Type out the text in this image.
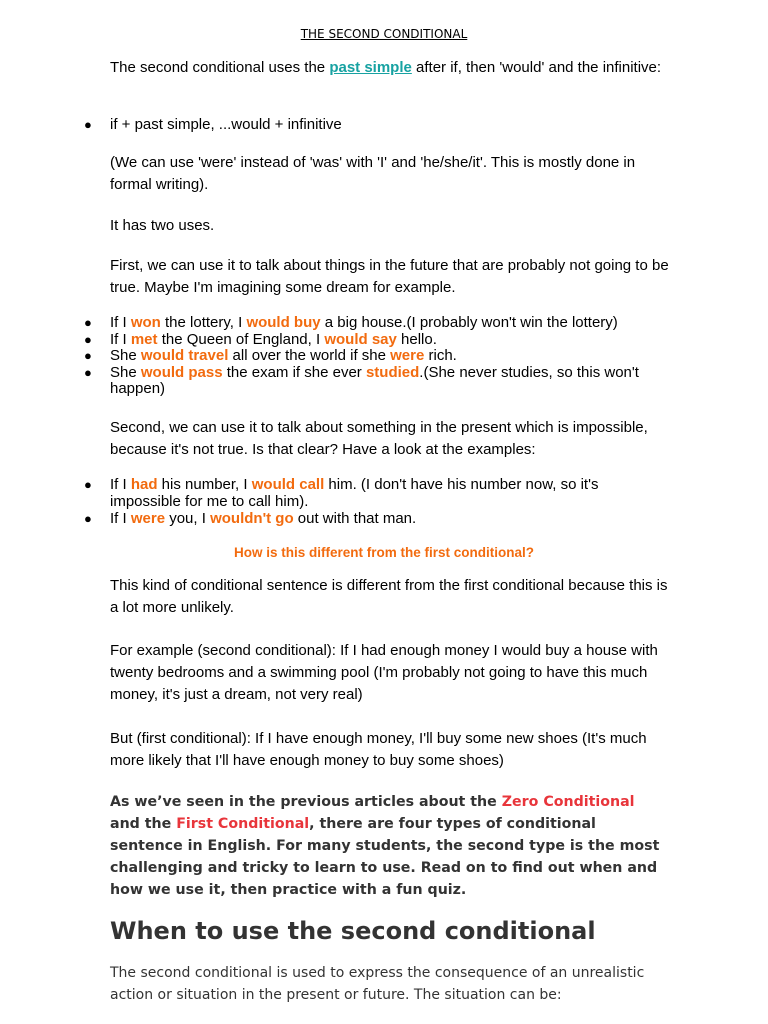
THE SECOND CONDITIONAL

The second conditional uses the past simple after if, then 'would' and the infinitive:

● if + past simple, ...would + infinitive

(We can use 'were' instead of 'was' with 'I' and 'he/she/it'. This is mostly done in formal writing).

It has two uses.

First, we can use it to talk about things in the future that are probably not going to be true. Maybe I'm imagining some dream for example.

● If I won the lottery, I would buy a big house.(I probably won't win the lottery)

● If I met the Queen of England, I would say hello.

● She would travel all over the world if she were rich.

● She would pass the exam if she ever studied.(She never studies, so this won't happen)

Second, we can use it to talk about something in the present which is impossible, because it's not true. Is that clear? Have a look at the examples:

● If I had his number, I would call him. (I don't have his number now, so it's impossible for me to call him).

● If I were you, I wouldn't go out with that man.

How is this different from the first conditional?

This kind of conditional sentence is different from the first conditional because this is a lot more unlikely.

For example (second conditional): If I had enough money I would buy a house with twenty bedrooms and a swimming pool (I'm probably not going to have this much money, it's just a dream, not very real)

But (first conditional): If I have enough money, I'll buy some new shoes (It's much more likely that I'll have enough money to buy some shoes)

As we’ve seen in the previous articles about the Zero Conditional and the First Conditional, there are four types of conditional sentence in English. For many students, the second type is the most challenging and tricky to learn to use. Read on to find out when and how we use it, then practice with a fun quiz.

When to use the second conditional

The second conditional is used to express the consequence of an unrealistic action or situation in the present or future. The situation can be:
